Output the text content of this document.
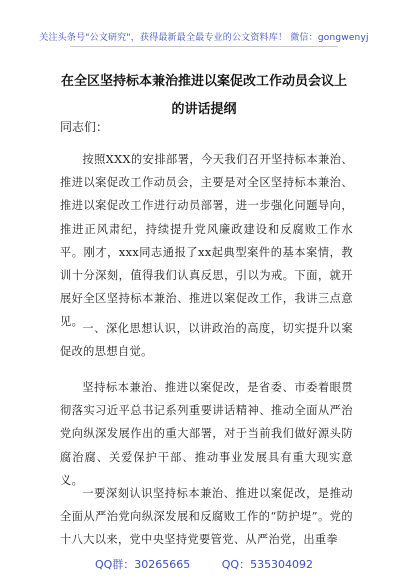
关注头条号"公文研究"，获得最新最全最专业的公文资料库！ 微信：gongwenyj
在全区坚持标本兼治推进以案促改工作动员会议上的讲话提纲
同志们：
按照XXX的安排部署，今天我们召开坚持标本兼治、推进以案促改工作动员会，主要是对全区坚持标本兼治、推进以案促改工作进行动员部署，进一步强化问题导向，推进正风肃纪，持续提升党风廉政建设和反腐败工作水平。刚才，xxx同志通报了xx起典型案件的基本案情，教训十分深刻，值得我们认真反思，引以为戒。下面，就开展好全区坚持标本兼治、推进以案促改工作，我讲三点意见。
一、深化思想认识，以讲政治的高度，切实提升以案促改的思想自觉。
坚持标本兼治、推进以案促改，是省委、市委着眼贯彻落实习近平总书记系列重要讲话精神、推动全面从严治党向纵深发展作出的重大部署，对于当前我们做好源头防腐治腐、关爱保护干部、推动事业发展具有重大现实意义。
一要深刻认识坚持标本兼治、推进以案促改，是推动全面从严治党向纵深发展和反腐败工作的“防护堤”。党的十八大以来，党中央坚持党要管党、从严治党，出重拳
QQ群：30265665	QQ：535304092
